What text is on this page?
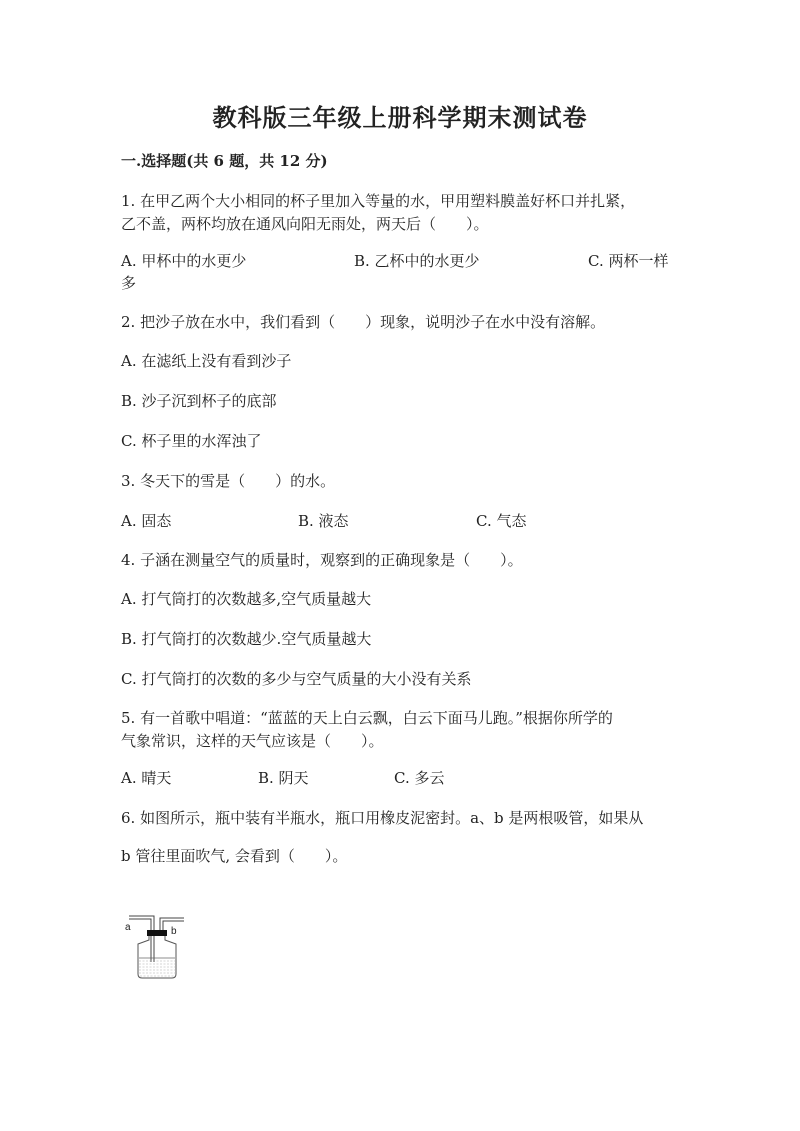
教科版三年级上册科学期末测试卷
一.选择题(共 6 题，共 12 分)
1. 在甲乙两个大小相同的杯子里加入等量的水，甲用塑料膜盖好杯口并扎紧，
乙不盖，两杯均放在通风向阳无雨处，两天后（　　）。
A. 甲杯中的水更少	B. 乙杯中的水更少	C. 两杯一样
多
2. 把沙子放在水中，我们看到（　　）现象，说明沙子在水中没有溶解。
A. 在滤纸上没有看到沙子
B. 沙子沉到杯子的底部
C. 杯子里的水浑浊了
3. 冬天下的雪是（　　）的水。
A. 固态	B. 液态	C. 气态
4. 子涵在测量空气的质量时，观察到的正确现象是（　　）。
A. 打气筒打的次数越多,空气质量越大
B. 打气筒打的次数越少.空气质量越大
C. 打气筒打的次数的多少与空气质量的大小没有关系
5. 有一首歌中唱道：“蓝蓝的天上白云飘，白云下面马儿跑。”根据你所学的
气象常识，这样的天气应该是（　　）。
A. 晴天	B. 阴天	C. 多云
6. 如图所示，瓶中装有半瓶水，瓶口用橡皮泥密封。a、b 是两根吸管，如果从
b 管往里面吹气, 会看到（　　）。
a	b
